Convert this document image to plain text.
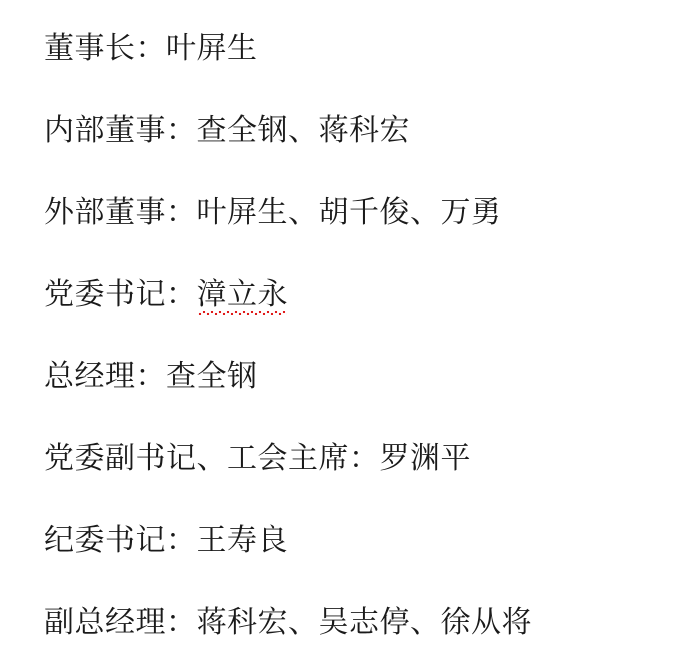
董事长 ： 叶屏生
内部董事 ： 查全钢、蒋科宏
外部董事 ： 叶屏生、胡千俊、万勇
党委书记 ： 漳立永
总经理 ： 查全钢
党委副书记、工会主席 ： 罗渊平
纪委书记 ： 王寿良
副总经理 ： 蒋科宏、吴志停、徐从将
